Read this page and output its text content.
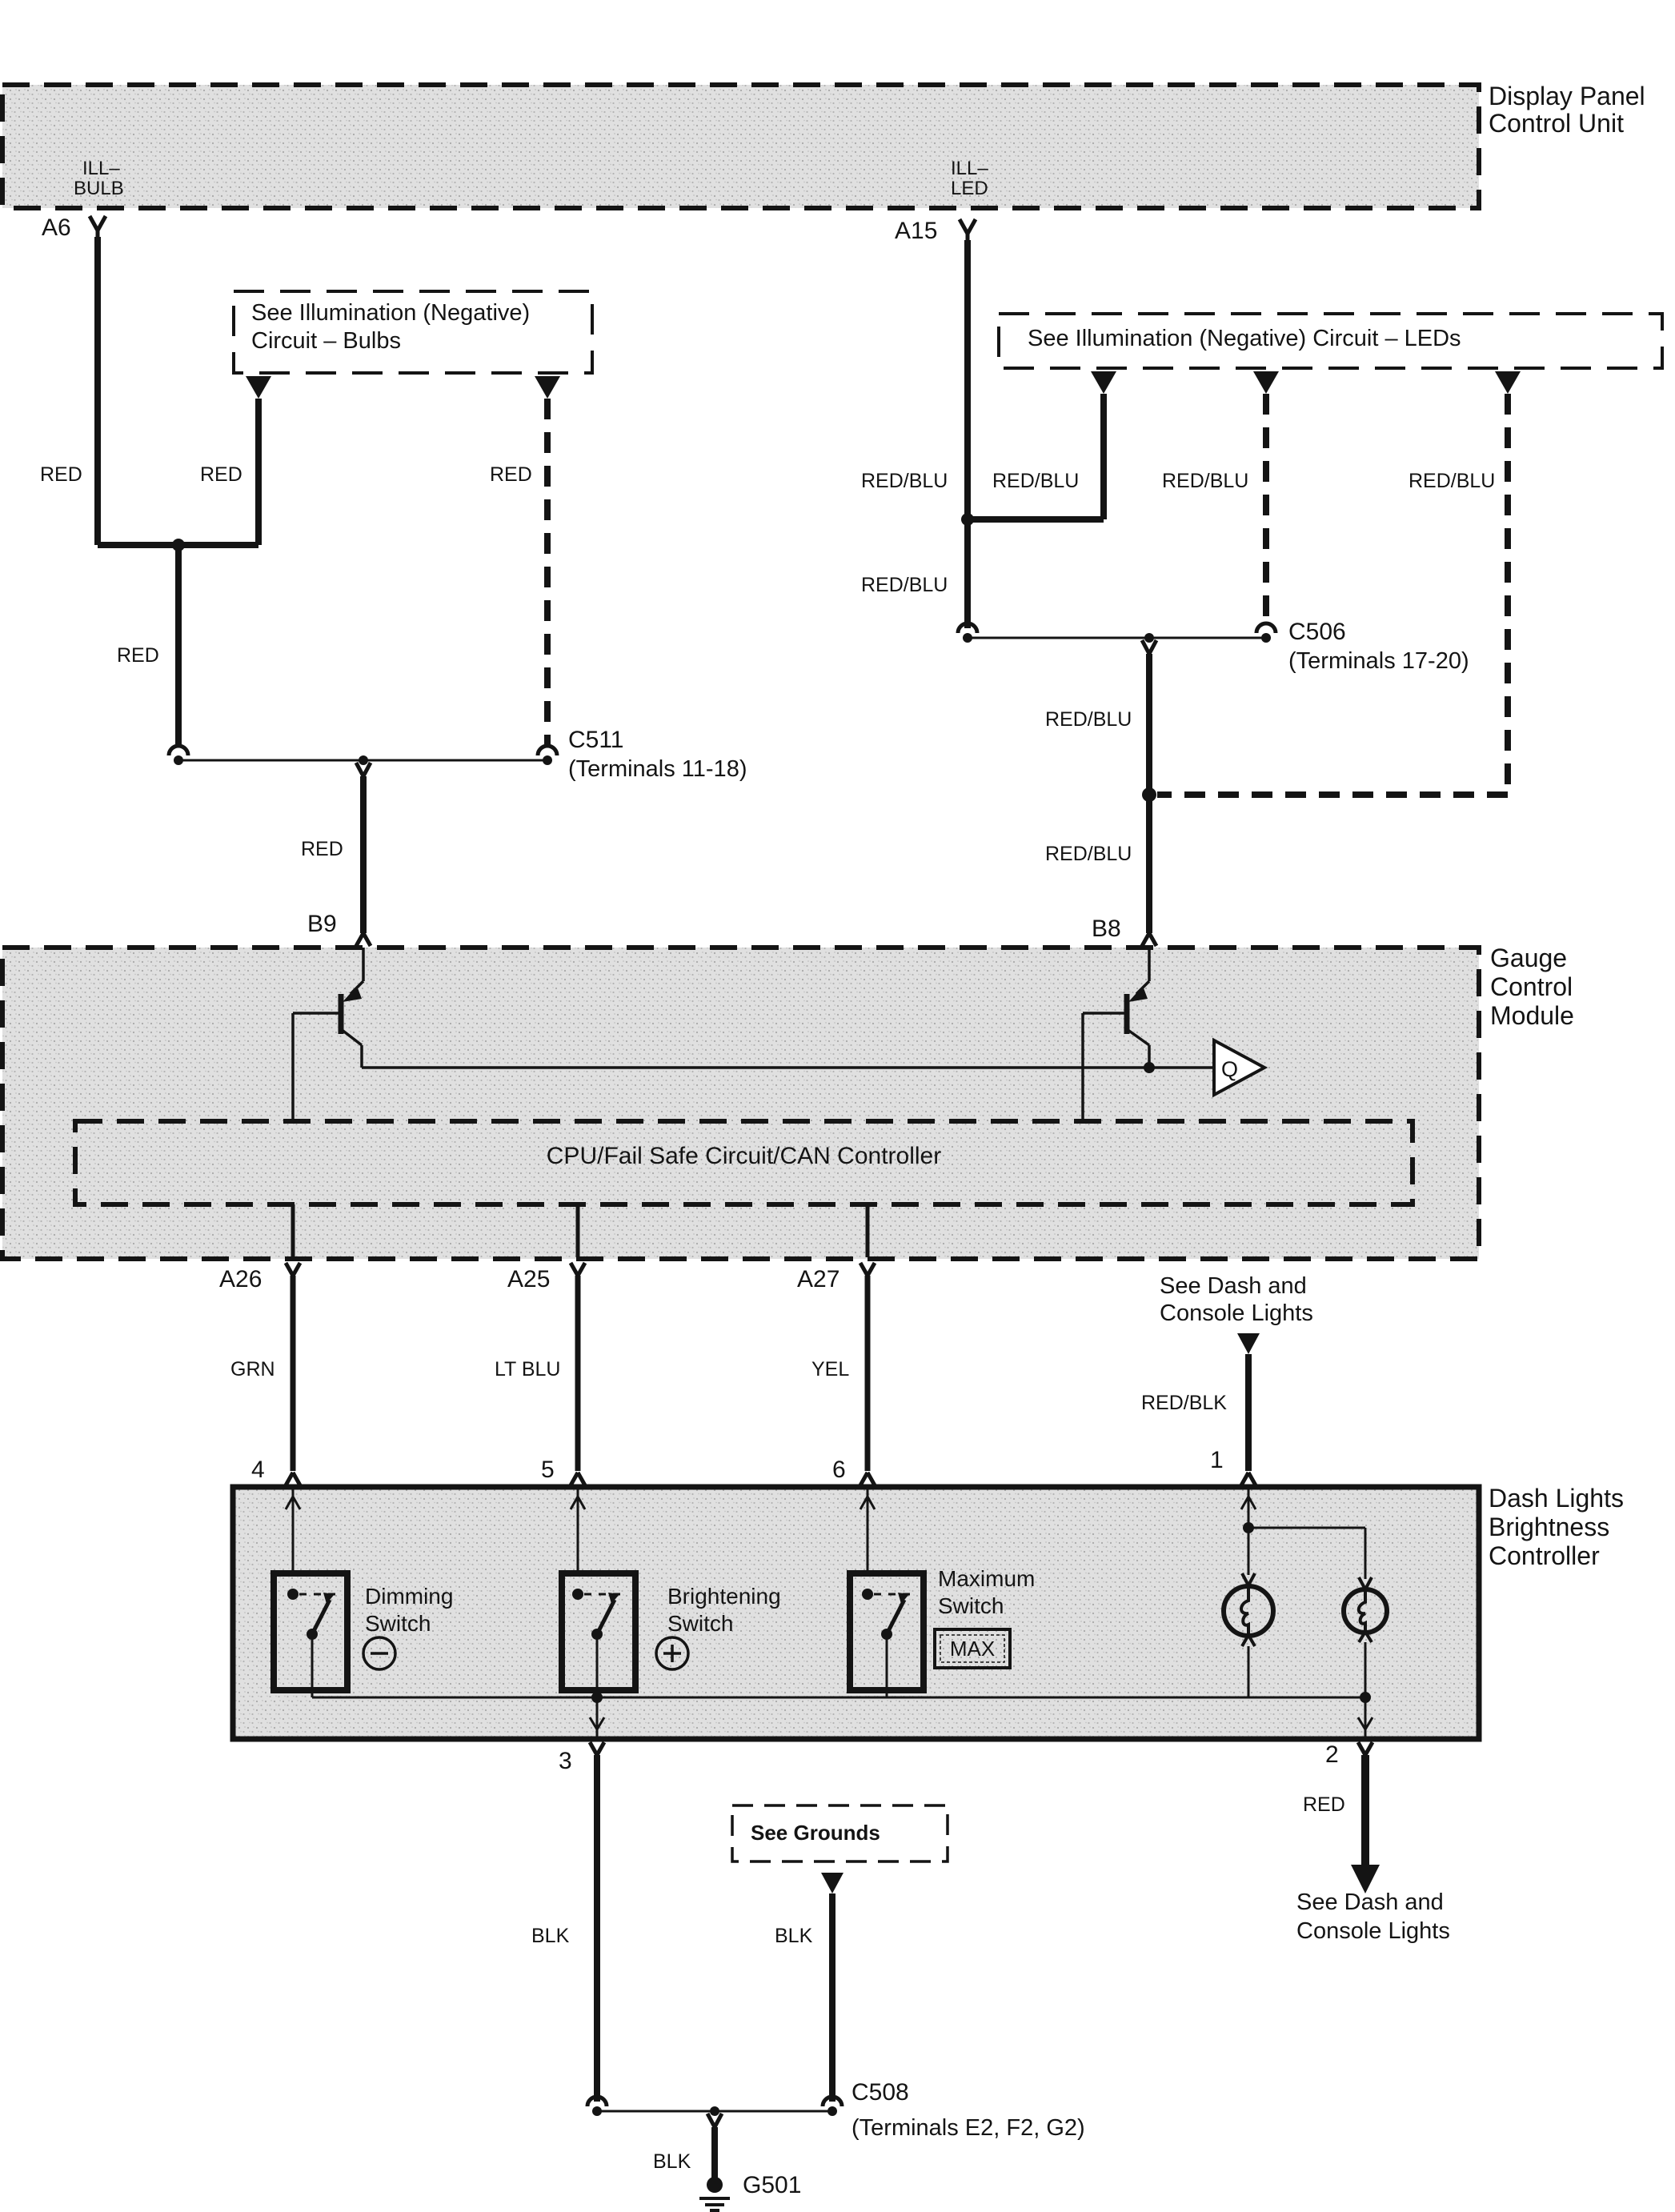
Q
Display Panel
Control Unit
ILL–
BULB
ILL–
LED
A6	A15
See Illumination (Negative)
Circuit – Bulbs	See Illumination (Negative) Circuit – LEDs
RED	RED	RED
RED
RED
RED/BLU RED/BLU	RED/BLU	RED/BLU
RED/BLU
RED/BLU
RED/BLU
C511
(Terminals 11-18)
C506
(Terminals 17-20)
B9	B8
Gauge
Control
Module
CPU/Fail Safe Circuit/CAN Controller
A26	A25	A27
GRN	LT BLU	YEL
RED/BLK
See Dash and
Console Lights
4	5	6	1
Dash Lights
Brightness
Controller
Dimming
Switch
Brightening
Switch
Maximum
Switch
MAX
3	2
RED
See Grounds
BLK	BLK
C508
(Terminals E2, F2, G2)
BLK
G501
See Dash and
Console Lights
